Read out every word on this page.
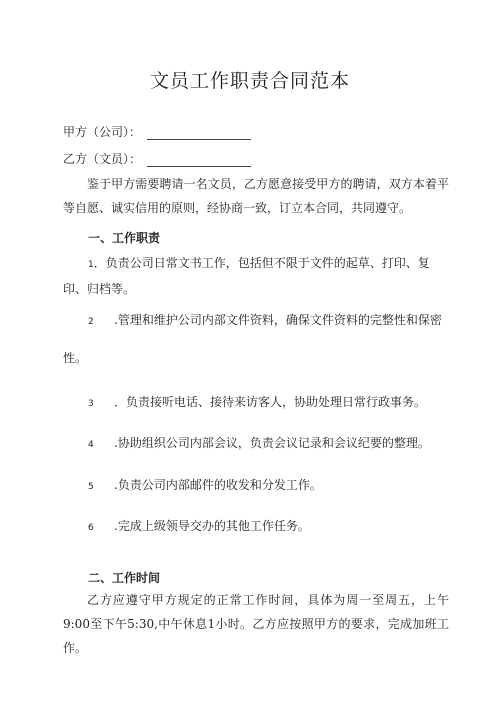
文员工作职责合同范本
甲方（公司）：
乙方（文员）：
鉴于甲方需要聘请一名文员，乙方愿意接受甲方的聘请，双方本着平等自愿、诚实信用的原则，经协商一致，订立本合同，共同遵守。
一、工作职责
1．负责公司日常文书工作，包括但不限于文件的起草、打印、复印、归档等。
2 .管理和维护公司内部文件资料，确保文件资料的完整性和保密
性。
3 ．负责接听电话、接待来访客人，协助处理日常行政事务。
4 .协助组织公司内部会议，负责会议记录和会议纪要的整理。
5 .负责公司内部邮件的收发和分发工作。
6 .完成上级领导交办的其他工作任务。
二、工作时间
乙方应遵守甲方规定的正常工作时间，具体为周一至周五，上午9:00至下午5:30,中午休息1小时。乙方应按照甲方的要求，完成加班工作。
